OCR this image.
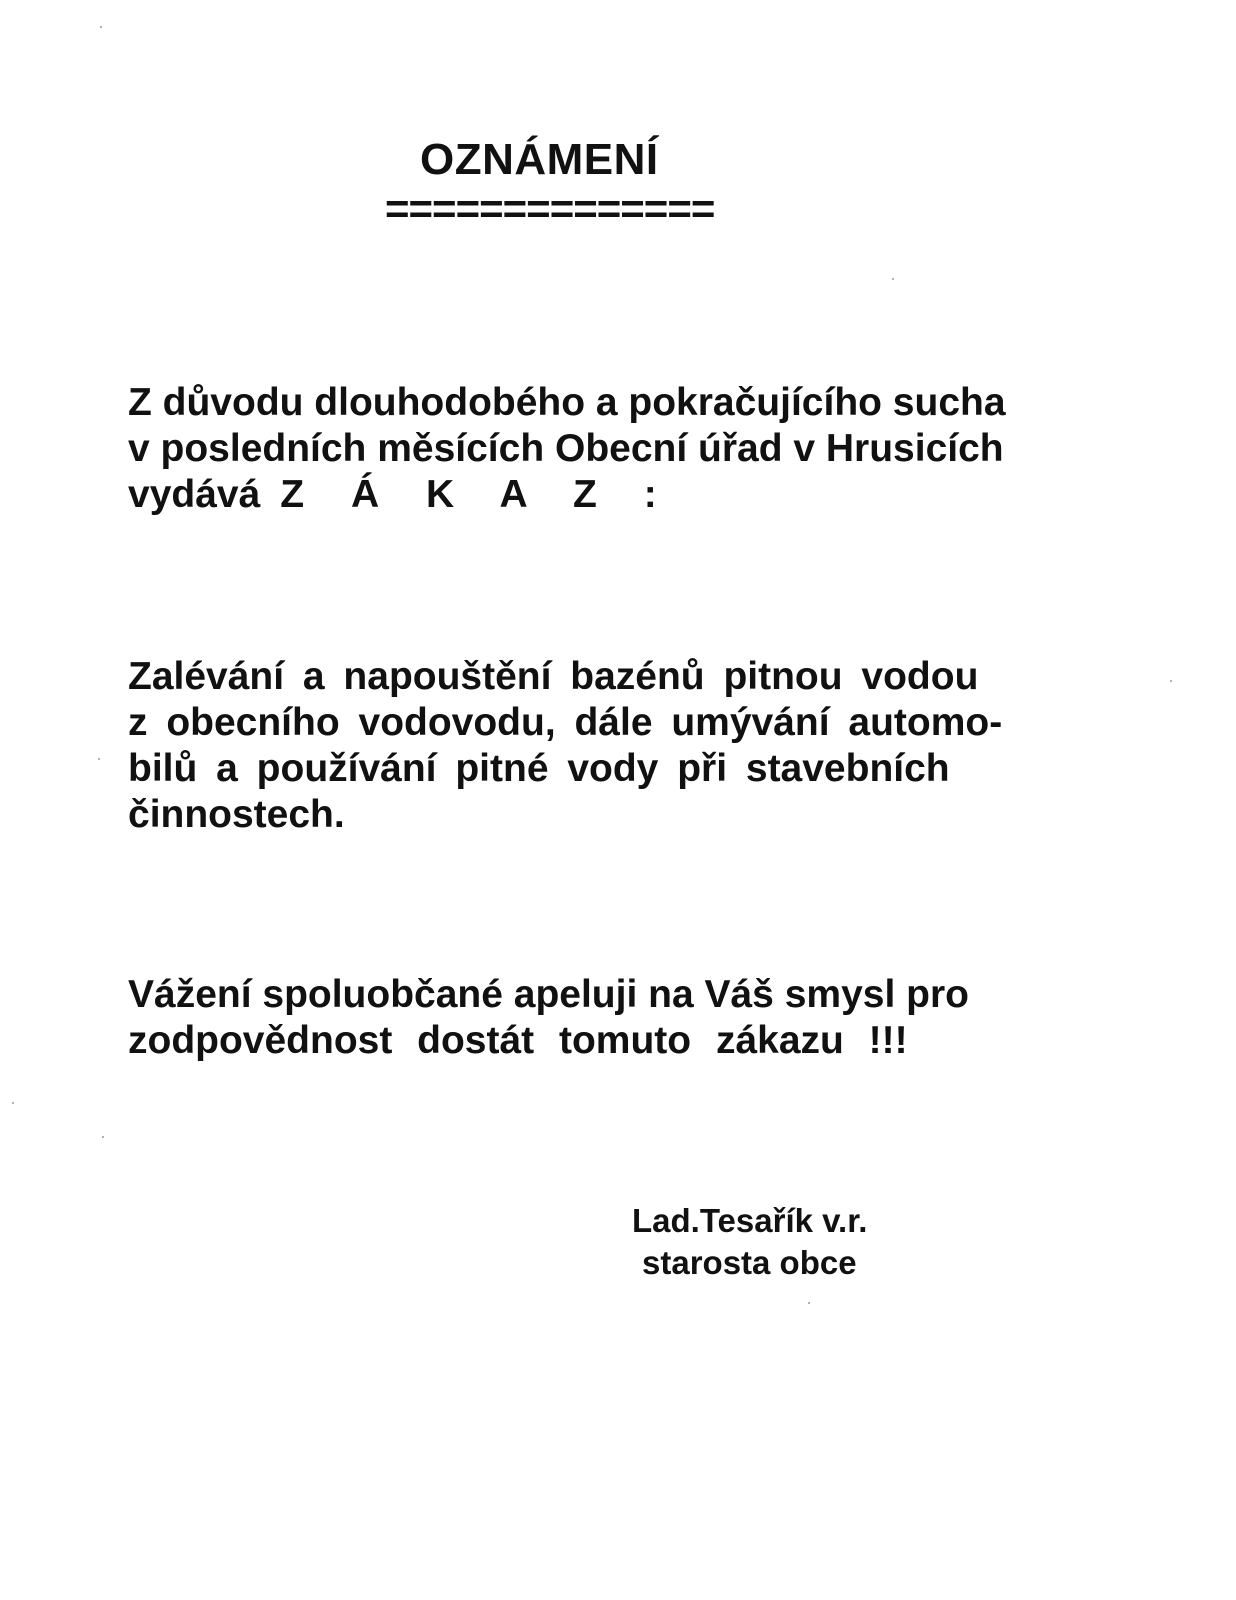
OZNÁMENÍ
==============

Z důvodu dlouhodobého a pokračujícího sucha
v posledních měsících Obecní úřad v Hrusicích
vydává Z Á K A Z :

Zalévání a napouštění bazénů pitnou vodou
z obecního vodovodu, dále umývání automo-
bilů a používání pitné vody při stavebních
činnostech.

Vážení spoluobčané apeluji na Váš smysl pro
zodpovědnost dostát tomuto zákazu !!!

Lad.Tesařík v.r.
starosta obce
